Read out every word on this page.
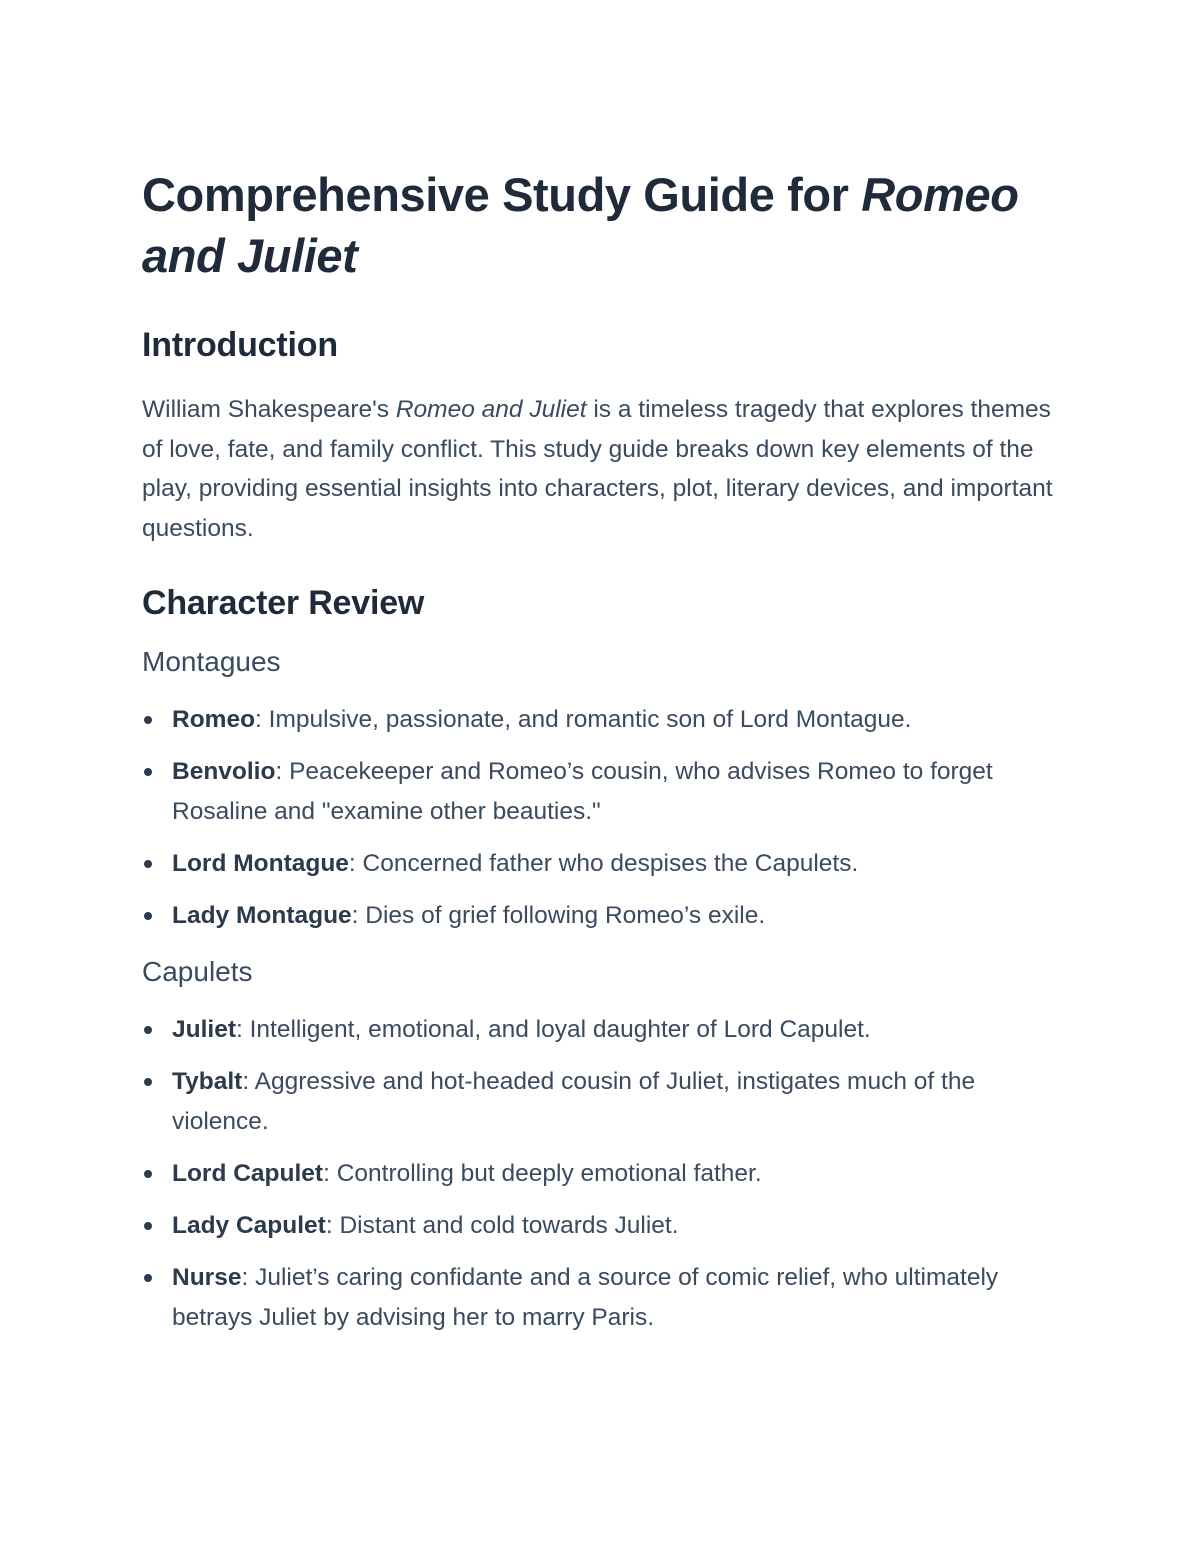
Comprehensive Study Guide for Romeo and Juliet
Introduction

William Shakespeare's Romeo and Juliet is a timeless tragedy that explores themes of love, fate, and family conflict. This study guide breaks down key elements of the play, providing essential insights into characters, plot, literary devices, and important questions.

Character Review
Montagues
Romeo: Impulsive, passionate, and romantic son of Lord Montague.
Benvolio: Peacekeeper and Romeo’s cousin, who advises Romeo to forget Rosaline and "examine other beauties."
Lord Montague: Concerned father who despises the Capulets.
Lady Montague: Dies of grief following Romeo’s exile.
Capulets
Juliet: Intelligent, emotional, and loyal daughter of Lord Capulet.
Tybalt: Aggressive and hot-headed cousin of Juliet, instigates much of the violence.
Lord Capulet: Controlling but deeply emotional father.
Lady Capulet: Distant and cold towards Juliet.
Nurse: Juliet’s caring confidante and a source of comic relief, who ultimately betrays Juliet by advising her to marry Paris.
